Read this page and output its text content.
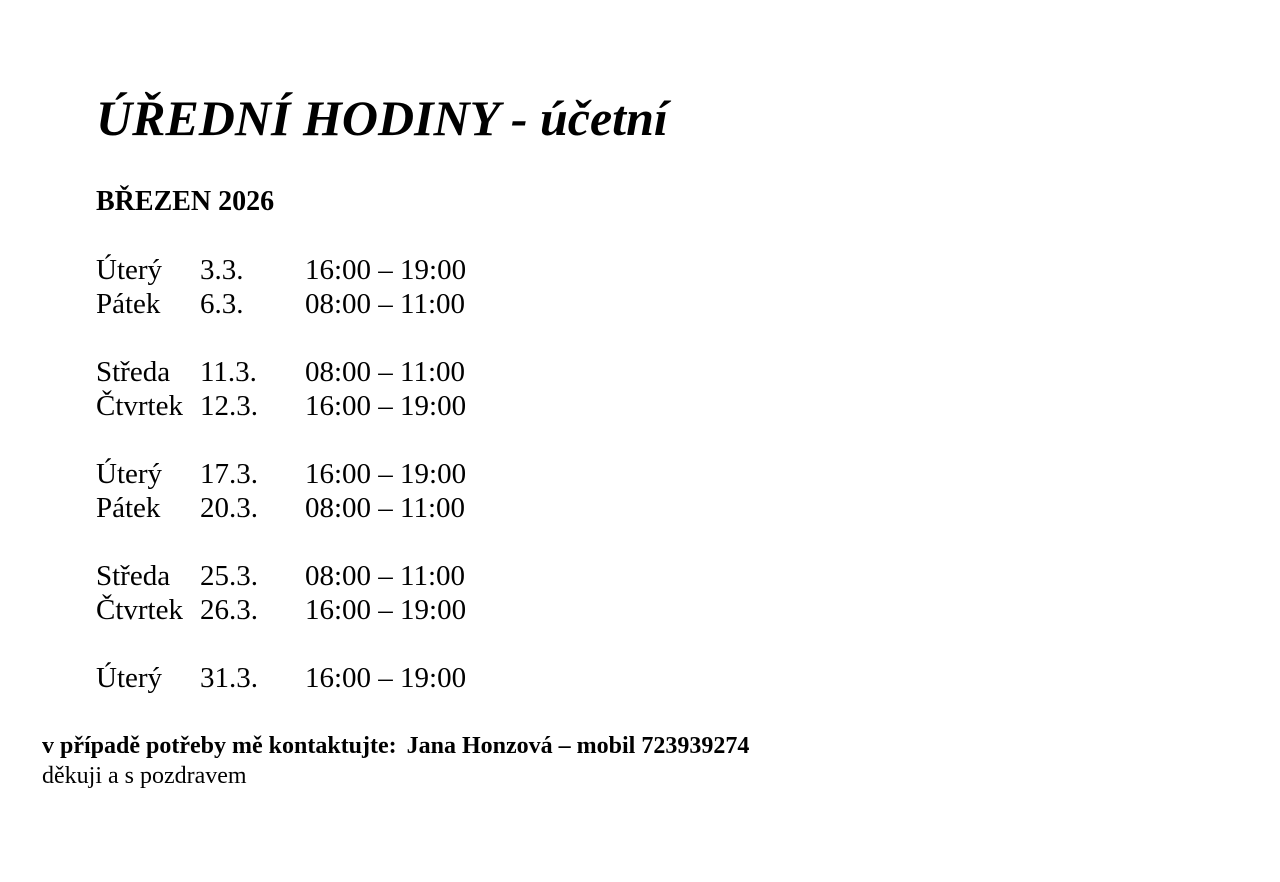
ÚŘEDNÍ HODINY - účetní
BŘEZEN 2026
Úterý 3.3. 16:00 – 19:00
Pátek 6.3. 08:00 – 11:00
Středa 11.3. 08:00 – 11:00
Čtvrtek 12.3. 16:00 – 19:00
Úterý 17.3. 16:00 – 19:00
Pátek 20.3. 08:00 – 11:00
Středa 25.3. 08:00 – 11:00
Čtvrtek 26.3. 16:00 – 19:00
Úterý 31.3. 16:00 – 19:00

v případě potřeby mě kontaktujte: Jana Honzová – mobil 723939274

děkuji a s pozdravem
